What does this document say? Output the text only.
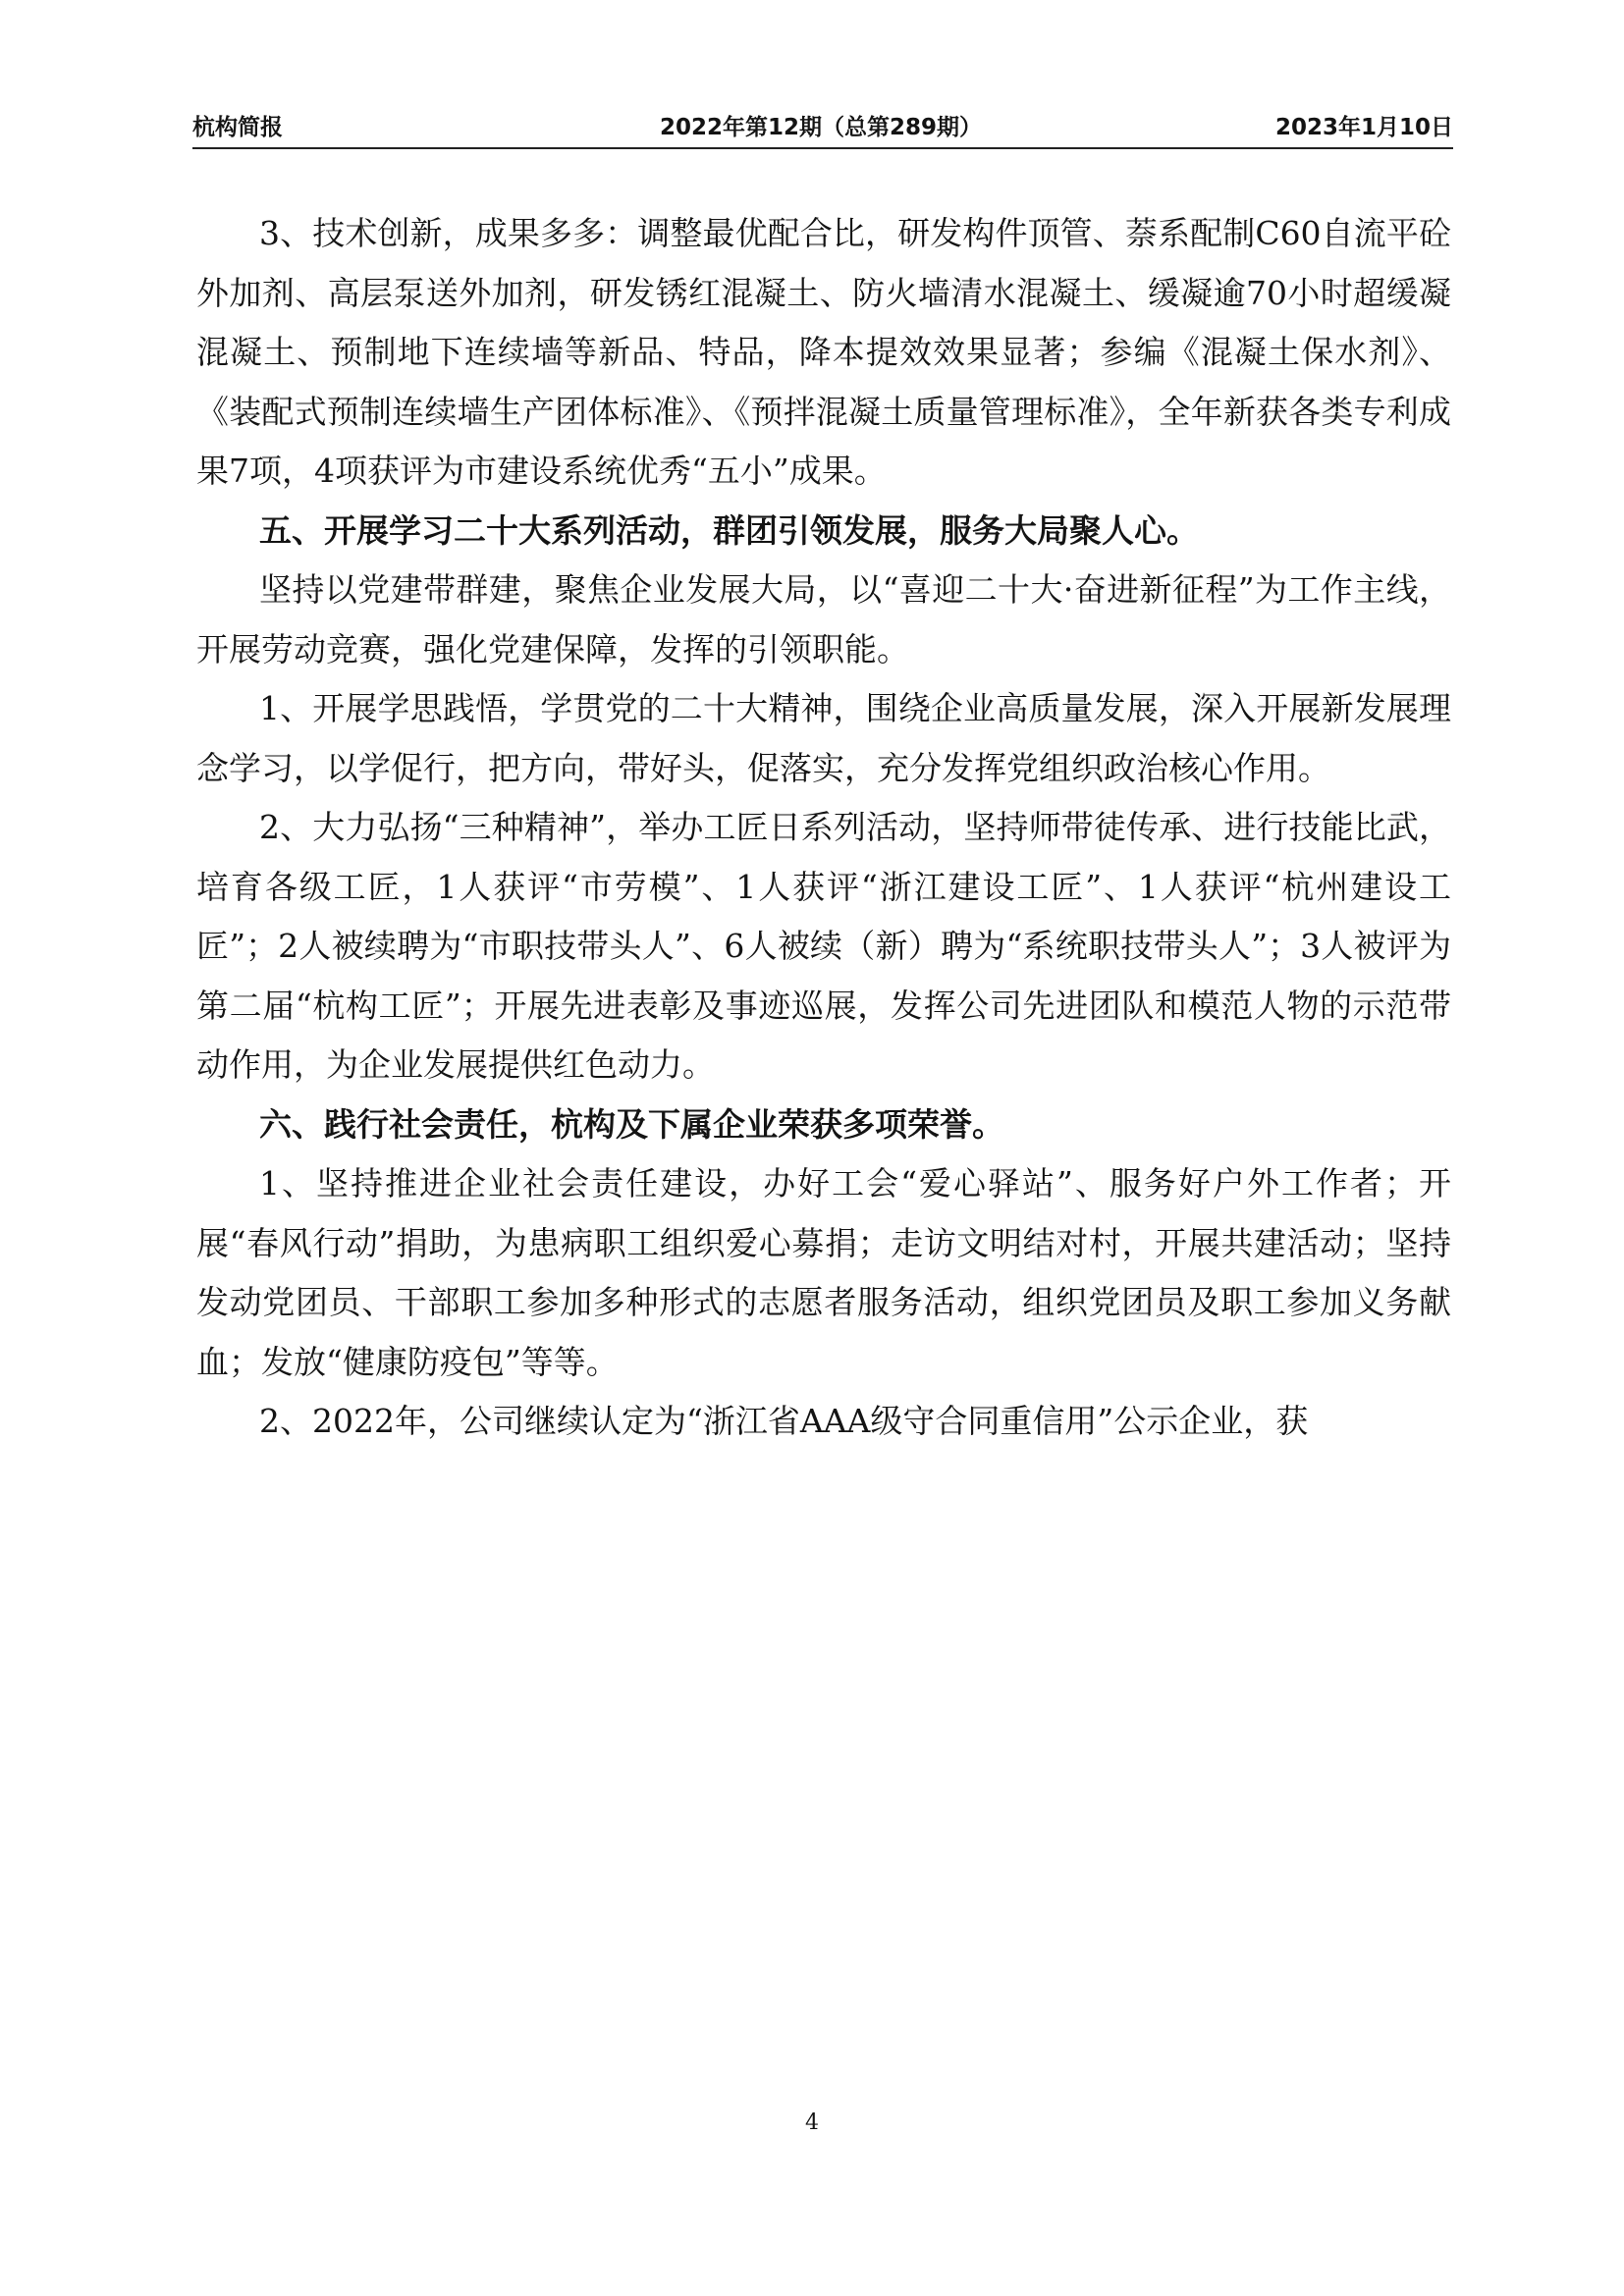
杭构简报	2022年第12期（总第289期）	2023年1月10日

3、技术创新，成果多多：调整最优配合比，研发构件顶管、萘系配制C60自流平砼外加剂、高层泵送外加剂，研发锈红混凝土、防火墙清水混凝土、缓凝逾70小时超缓凝混凝土、预制地下连续墙等新品、特品，降本提效效果显著；参编《混凝土保水剂》、《装配式预制连续墙生产团体标准》、《预拌混凝土质量管理标准》，全年新获各类专利成果7项，4项获评为市建设系统优秀“五小”成果。

五、开展学习二十大系列活动，群团引领发展，服务大局聚人心。

坚持以党建带群建，聚焦企业发展大局，以“喜迎二十大·奋进新征程”为工作主线，开展劳动竞赛，强化党建保障，发挥的引领职能。

1、开展学思践悟，学贯党的二十大精神，围绕企业高质量发展，深入开展新发展理念学习，以学促行，把方向，带好头，促落实，充分发挥党组织政治核心作用。

2、大力弘扬“三种精神”，举办工匠日系列活动，坚持师带徒传承、进行技能比武，培育各级工匠，1人获评“市劳模”、1人获评“浙江建设工匠”、1人获评“杭州建设工匠”；2人被续聘为“市职技带头人”、6人被续（新）聘为“系统职技带头人”；3人被评为第二届“杭构工匠”；开展先进表彰及事迹巡展，发挥公司先进团队和模范人物的示范带动作用，为企业发展提供红色动力。

六、践行社会责任，杭构及下属企业荣获多项荣誉。

1、坚持推进企业社会责任建设，办好工会“爱心驿站”、服务好户外工作者；开展“春风行动”捐助，为患病职工组织爱心募捐；走访文明结对村，开展共建活动；坚持发动党团员、干部职工参加多种形式的志愿者服务活动，组织党团员及职工参加义务献血；发放“健康防疫包”等等。

2、2022年，公司继续认定为“浙江省AAA级守合同重信用”公示企业，获

4
